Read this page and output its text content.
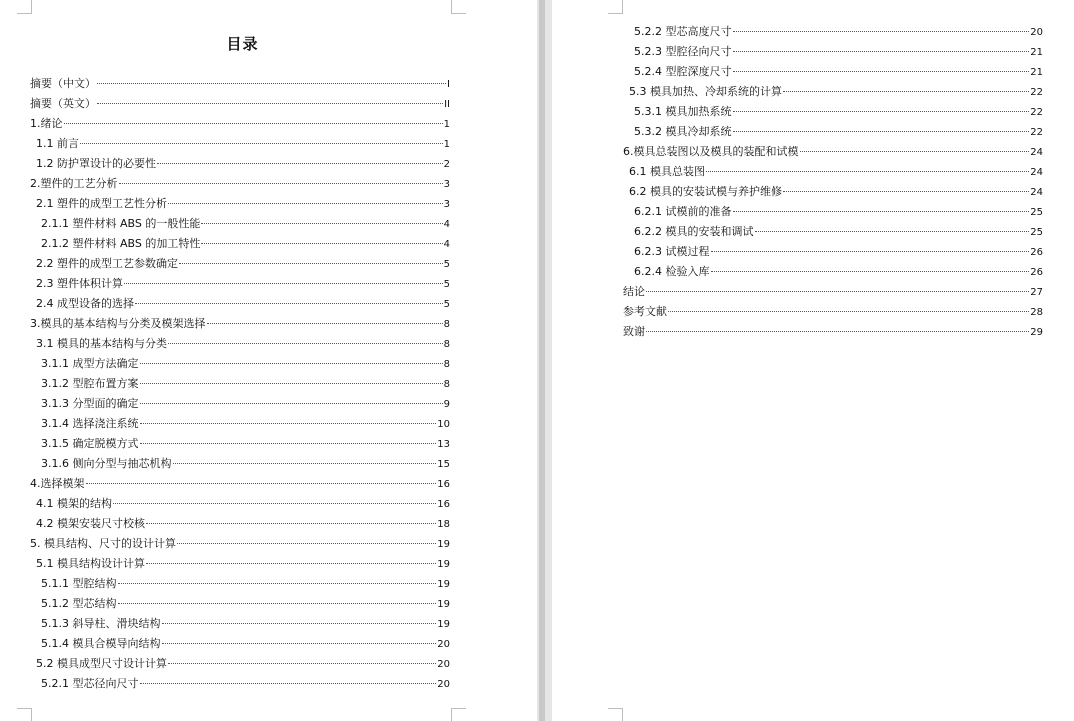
目录
摘要（中文）	I
摘要（英文）	II
1.绪论	1
1.1 前言	1
1.2 防护罩设计的必要性	2
2.塑件的工艺分析	3
2.1 塑件的成型工艺性分析	3
2.1.1 塑件材料 ABS 的一般性能	4
2.1.2 塑件材料 ABS 的加工特性	4
2.2 塑件的成型工艺参数确定	5
2.3 塑件体积计算	5
2.4 成型设备的选择	5
3.模具的基本结构与分类及模架选择	8
3.1 模具的基本结构与分类	8
3.1.1 成型方法确定	8
3.1.2 型腔布置方案	8
3.1.3 分型面的确定	9
3.1.4 选择浇注系统	10
3.1.5 确定脱模方式	13
3.1.6 侧向分型与抽芯机构	15
4.选择模架	16
4.1 模架的结构	16
4.2 模架安装尺寸校核	18
5. 模具结构、尺寸的设计计算	19
5.1 模具结构设计计算	19
5.1.1 型腔结构	19
5.1.2 型芯结构	19
5.1.3 斜导柱、滑块结构	19
5.1.4 模具合模导向结构	20
5.2 模具成型尺寸设计计算	20
5.2.1 型芯径向尺寸	20
5.2.2 型芯高度尺寸	20
5.2.3 型腔径向尺寸	21
5.2.4 型腔深度尺寸	21
5.3 模具加热、冷却系统的计算	22
5.3.1 模具加热系统	22
5.3.2 模具冷却系统	22
6.模具总装图以及模具的装配和试模	24
6.1 模具总装图	24
6.2 模具的安装试模与养护维修	24
6.2.1 试模前的准备	25
6.2.2 模具的安装和调试	25
6.2.3 试模过程	26
6.2.4 检验入库	26
结论	27
参考文献	28
致谢	29
